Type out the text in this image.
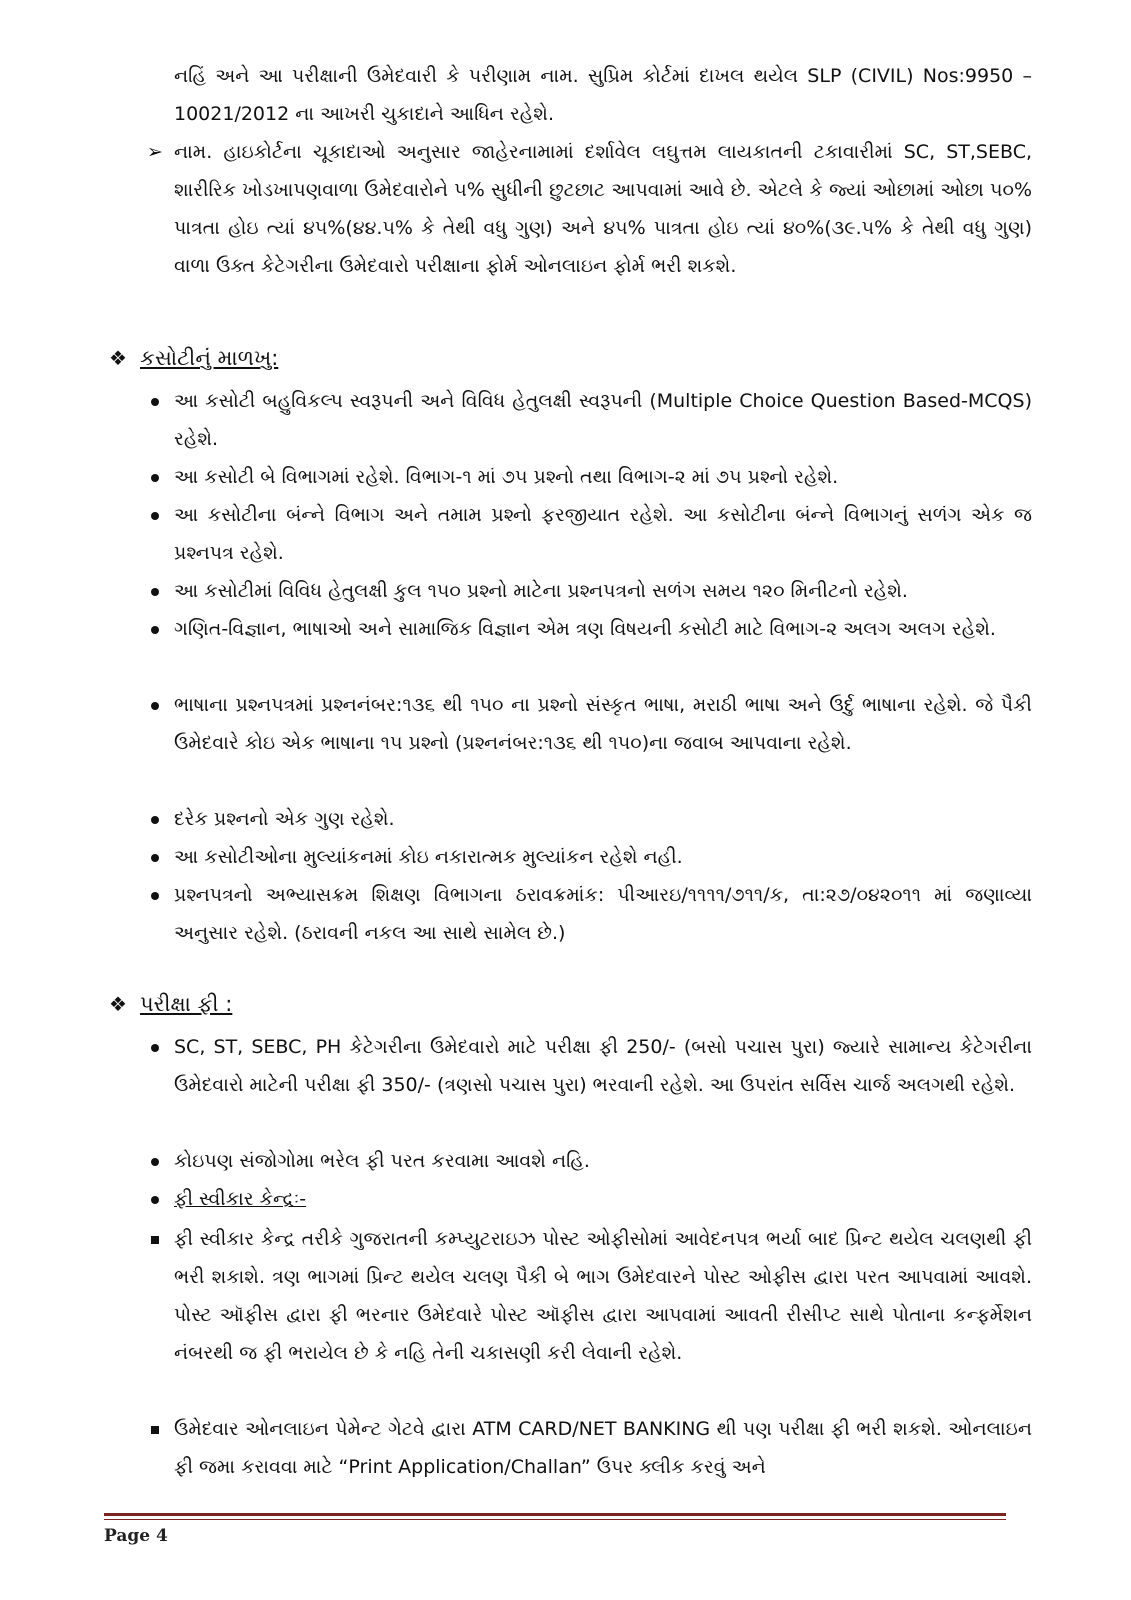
નહિં અને આ પરીક્ષાની ઉમેદવારી કે પરીણામ નામ. સુપ્રિમ કોર્ટમાં દાખલ થયેલ SLP (CIVIL) Nos:9950 – 10021/2012 ના આખરી ચુકાદાને આધિન રહેશે.
➢ નામ. હાઇકોર્ટના ચૂકાદાઓ અનુસાર જાહેરનામામાં દર્શાવેલ લઘુત્તમ લાયકાતની ટકાવારીમાં SC, ST,SEBC, શારીરિક ખોડખાપણવાળા ઉમેદવારોને ૫% સુધીની છુટછાટ આપવામાં આવે છે. એટલે કે જ્યાં ઓછામાં ઓછા ૫૦% પાત્રતા હોઇ ત્યાં ૪૫%(૪૪.૫% કે તેથી વધુ ગુણ) અને ૪૫% પાત્રતા હોઇ ત્યાં ૪૦%(૩૯.૫% કે તેથી વધુ ગુણ) વાળા ઉક્ત કેટેગરીના ઉમેદવારો પરીક્ષાના ફોર્મ ઓનલાઇન ફોર્મ ભરી શકશે.
❖ કસોટીનું માળખુ:
આ કસોટી બહુવિકલ્પ સ્વરૂપની અને વિવિધ હેતુલક્ષી સ્વરૂપની (Multiple Choice Question Based-MCQS) રહેશે.
આ કસોટી બે વિભાગમાં રહેશે. વિભાગ-૧ માં ૭૫ પ્રશ્નો તથા વિભાગ-૨ માં ૭૫ પ્રશ્નો રહેશે.
આ કસોટીના બંન્ને વિભાગ અને તમામ પ્રશ્નો ફરજીયાત રહેશે. આ કસોટીના બંન્ને વિભાગનું સળંગ એક જ પ્રશ્નપત્ર રહેશે.
આ કસોટીમાં વિવિધ હેતુલક્ષી કુલ ૧૫૦ પ્રશ્નો માટેના પ્રશ્નપત્રનો સળંગ સમય ૧૨૦ મિનીટનો રહેશે.
ગણિત-વિજ્ઞાન, ભાષાઓ અને સામાજિક વિજ્ઞાન એમ ત્રણ વિષયની કસોટી માટે વિભાગ-૨ અલગ અલગ રહેશે.
ભાષાના પ્રશ્નપત્રમાં પ્રશ્નનંબર:૧૩૬ થી ૧૫૦ ના પ્રશ્નો સંસ્કૃત ભાષા, મરાઠી ભાષા અને ઉર્દુ ભાષાના રહેશે. જે પૈકી ઉમેદવારે કોઇ એક ભાષાના ૧૫ પ્રશ્નો (પ્રશ્નનંબર:૧૩૬ થી ૧૫૦)ના જવાબ આપવાના રહેશે.
દરેક પ્રશ્નનો એક ગુણ રહેશે.
આ કસોટીઓના મુલ્યાંકનમાં કોઇ નકારાત્મક મુલ્યાંકન રહેશે નહી.
પ્રશ્નપત્રનો અભ્યાસક્રમ શિક્ષણ વિભાગના ઠરાવક્રમાંક: પીઆરઇ/૧૧૧૧/૭૧૧/ક, તા:૨૭/૦૪૨૦૧૧ માં જણાવ્યા અનુસાર રહેશે. (ઠરાવની નકલ આ સાથે સામેલ છે.)
❖ પરીક્ષા ફી :
SC, ST, SEBC, PH કેટેગરીના ઉમેદવારો માટે પરીક્ષા ફી 250/- (બસો પચાસ પુરા) જ્યારે સામાન્ય કેટેગરીના ઉમેદવારો માટેની પરીક્ષા ફી 350/- (ત્રણસો પચાસ પુરા) ભરવાની રહેશે. આ ઉપરાંત સર્વિસ ચાર્જ અલગથી રહેશે.
કોઇપણ સંજોગોમા ભરેલ ફી પરત કરવામા આવશે નહિ.
ફી સ્વીકાર કેન્દ્રઃ-
ફી સ્વીકાર કેન્દ્ર તરીકે ગુજરાતની કમ્પ્યુટરાઇઝ પોસ્ટ ઓફીસોમાં આવેદનપત્ર ભર્યા બાદ પ્રિન્ટ થયેલ ચલણથી ફી ભરી શકાશે. ત્રણ ભાગમાં પ્રિન્ટ થયેલ ચલણ પૈકી બે ભાગ ઉમેદવારને પોસ્ટ ઓફીસ દ્વારા પરત આપવામાં આવશે. પોસ્ટ ઑફીસ દ્વારા ફી ભરનાર ઉમેદવારે પોસ્ટ ઑફીસ દ્વારા આપવામાં આવતી રીસીપ્ટ સાથે પોતાના કન્ફર્મેશન નંબરથી જ ફી ભરાયેલ છે કે નહિ તેની ચકાસણી કરી લેવાની રહેશે.
ઉમેદવાર ઓનલાઇન પેમેન્ટ ગેટવે દ્વારા ATM CARD/NET BANKING થી પણ પરીક્ષા ફી ભરી શકશે. ઓનલાઇન ફી જમા કરાવવા માટે “Print Application/Challan” ઉપર ક્લીક કરવું અને
Page 4
